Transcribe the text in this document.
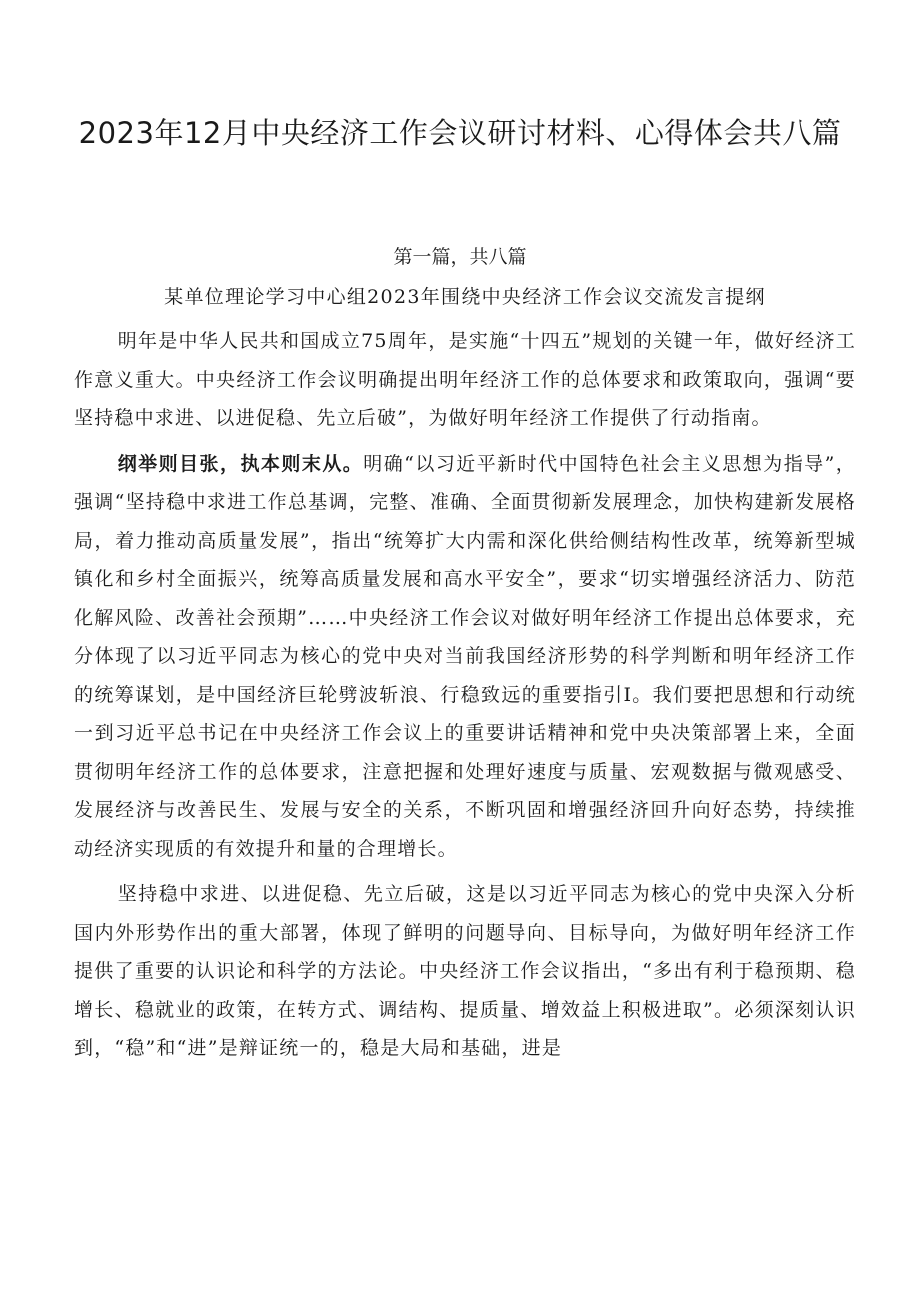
2023年12月中央经济工作会议研讨材料、心得体会共八篇
第一篇，共八篇
某单位理论学习中心组2023年围绕中央经济工作会议交流发言提纲

明年是中华人民共和国成立75周年，是实施“十四五”规划的关键一年，做好经济工作意义重大。中央经济工作会议明确提出明年经济工作的总体要求和政策取向，强调“要坚持稳中求进、以进促稳、先立后破”，为做好明年经济工作提供了行动指南。

纲举则目张，执本则末从。明确“以习近平新时代中国特色社会主义思想为指导”，强调“坚持稳中求进工作总基调，完整、准确、全面贯彻新发展理念，加快构建新发展格局，着力推动高质量发展”，指出“统筹扩大内需和深化供给侧结构性改革，统筹新型城镇化和乡村全面振兴，统筹高质量发展和高水平安全”，要求“切实增强经济活力、防范化解风险、改善社会预期”……中央经济工作会议对做好明年经济工作提出总体要求，充分体现了以习近平同志为核心的党中央对当前我国经济形势的科学判断和明年经济工作的统筹谋划，是中国经济巨轮劈波斩浪、行稳致远的重要指引I。我们要把思想和行动统一到习近平总书记在中央经济工作会议上的重要讲话精神和党中央决策部署上来，全面贯彻明年经济工作的总体要求，注意把握和处理好速度与质量、宏观数据与微观感受、发展经济与改善民生、发展与安全的关系，不断巩固和增强经济回升向好态势，持续推动经济实现质的有效提升和量的合理增长。

坚持稳中求进、以进促稳、先立后破，这是以习近平同志为核心的党中央深入分析国内外形势作出的重大部署，体现了鲜明的问题导向、目标导向，为做好明年经济工作提供了重要的认识论和科学的方法论。中央经济工作会议指出，“多出有利于稳预期、稳增长、稳就业的政策，在转方式、调结构、提质量、增效益上积极进取”。必须深刻认识到，“稳”和“进”是辩证统一的，稳是大局和基础，进是
